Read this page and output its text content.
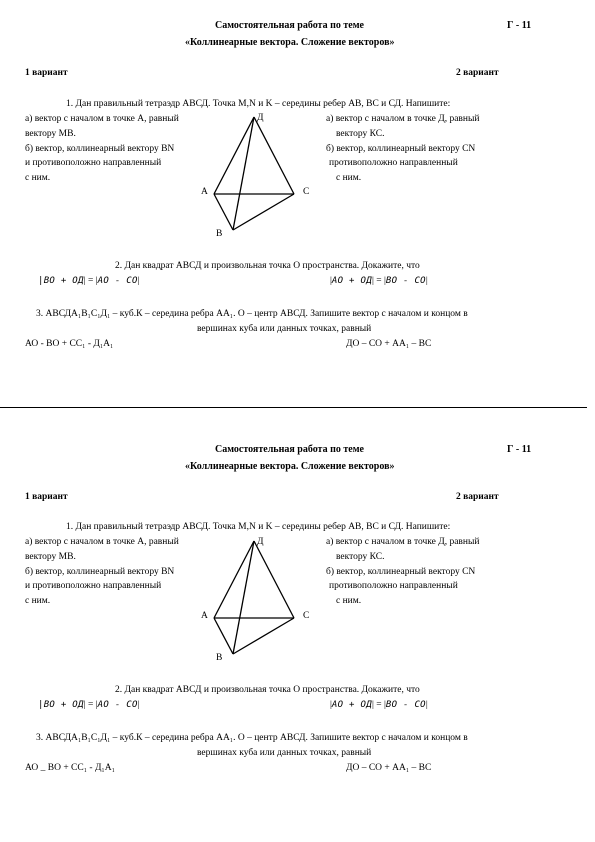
Самостоятельная работа по теме	Г - 11
«Коллинеарные вектора. Сложение векторов»
1 вариант	2 вариант
1. Дан правильный тетраэдр АВСД. Точка М,N и K – середины ребер АВ, ВС и СД. Напишите:
а) вектор с началом в точке А, равный
вектору МВ.
б) вектор, коллинеарный вектору ВN
и противоположно направленный
с ним.
а) вектор с началом в точке Д, равный
вектору КС.
б) вектор, коллинеарный вектору CN
противоположно направленный
с ним.
Д
А	С
В
2. Дан квадрат АВСД и произвольная точка О пространства. Докажите, что
|ВО + ОД| = |АО - СО|	|АО + ОД| = |ВО - СО|
3. АВСДА₁В₁С₁Д₁ – куб.К – середина ребра АА₁. О – центр АВСД. Запишите вектор с началом и концом в
вершинах куба или данных точках, равный
АО - ВО + СС₁ - Д₁А₁	ДО – СО + АА₁ – ВС
Самостоятельная работа по теме	Г - 11
«Коллинеарные вектора. Сложение векторов»
1 вариант	2 вариант
1. Дан правильный тетраэдр АВСД. Точка М,N и K – середины ребер АВ, ВС и СД. Напишите:
а) вектор с началом в точке А, равный
вектору МВ.
б) вектор, коллинеарный вектору ВN
и противоположно направленный
с ним.
а) вектор с началом в точке Д, равный
вектору КС.
б) вектор, коллинеарный вектору CN
противоположно направленный
с ним.
Д
А	С
В
2. Дан квадрат АВСД и произвольная точка О пространства. Докажите, что
|ВО + ОД| = |АО - СО|	|АО + ОД| = |ВО - СО|
3. АВСДА₁В₁С₁Д₁ – куб.К – середина ребра АА₁. О – центр АВСД. Запишите вектор с началом и концом в
вершинах куба или данных точках, равный
АО _ ВО + СС₁ - Д₁А₁	ДО – СО + АА₁ – ВС
